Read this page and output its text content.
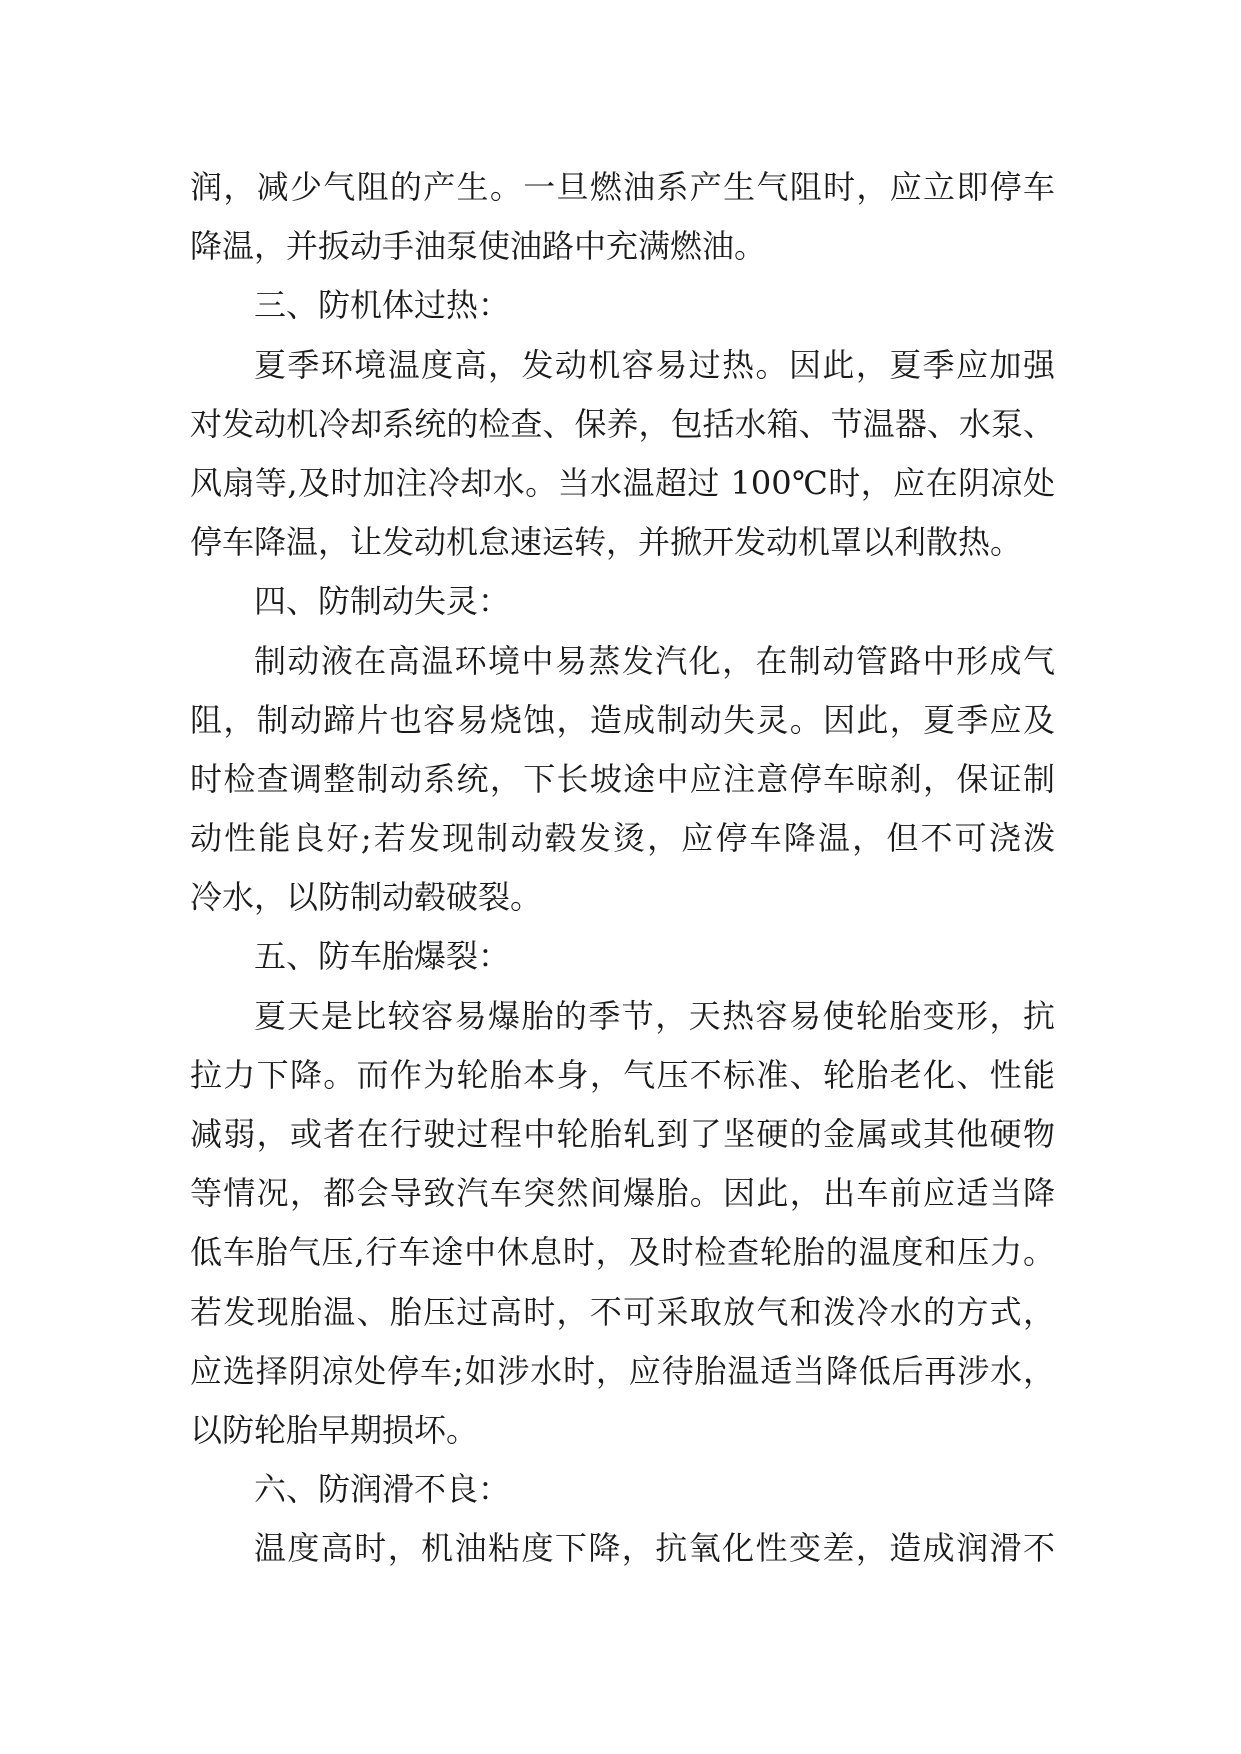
润，减少气阻的产生。一旦燃油系产生气阻时，应立即停车
降温，并扳动手油泵使油路中充满燃油。
三、防机体过热：
夏季环境温度高，发动机容易过热。因此，夏季应加强
对发动机冷却系统的检查、保养，包括水箱、节温器、水泵、
风扇等,及时加注冷却水。当水温超过 100℃时，应在阴凉处
停车降温，让发动机怠速运转，并掀开发动机罩以利散热。
四、防制动失灵：
制动液在高温环境中易蒸发汽化，在制动管路中形成气
阻，制动蹄片也容易烧蚀，造成制动失灵。因此，夏季应及
时检查调整制动系统，下长坡途中应注意停车晾刹，保证制
动性能良好;若发现制动毂发烫，应停车降温，但不可浇泼
冷水，以防制动毂破裂。
五、防车胎爆裂：
夏天是比较容易爆胎的季节，天热容易使轮胎变形，抗
拉力下降。而作为轮胎本身，气压不标准、轮胎老化、性能
减弱，或者在行驶过程中轮胎轧到了坚硬的金属或其他硬物
等情况，都会导致汽车突然间爆胎。因此，出车前应适当降
低车胎气压,行车途中休息时，及时检查轮胎的温度和压力。
若发现胎温、胎压过高时，不可采取放气和泼冷水的方式，
应选择阴凉处停车;如涉水时，应待胎温适当降低后再涉水，
以防轮胎早期损坏。
六、防润滑不良：
温度高时，机油粘度下降，抗氧化性变差，造成润滑不
